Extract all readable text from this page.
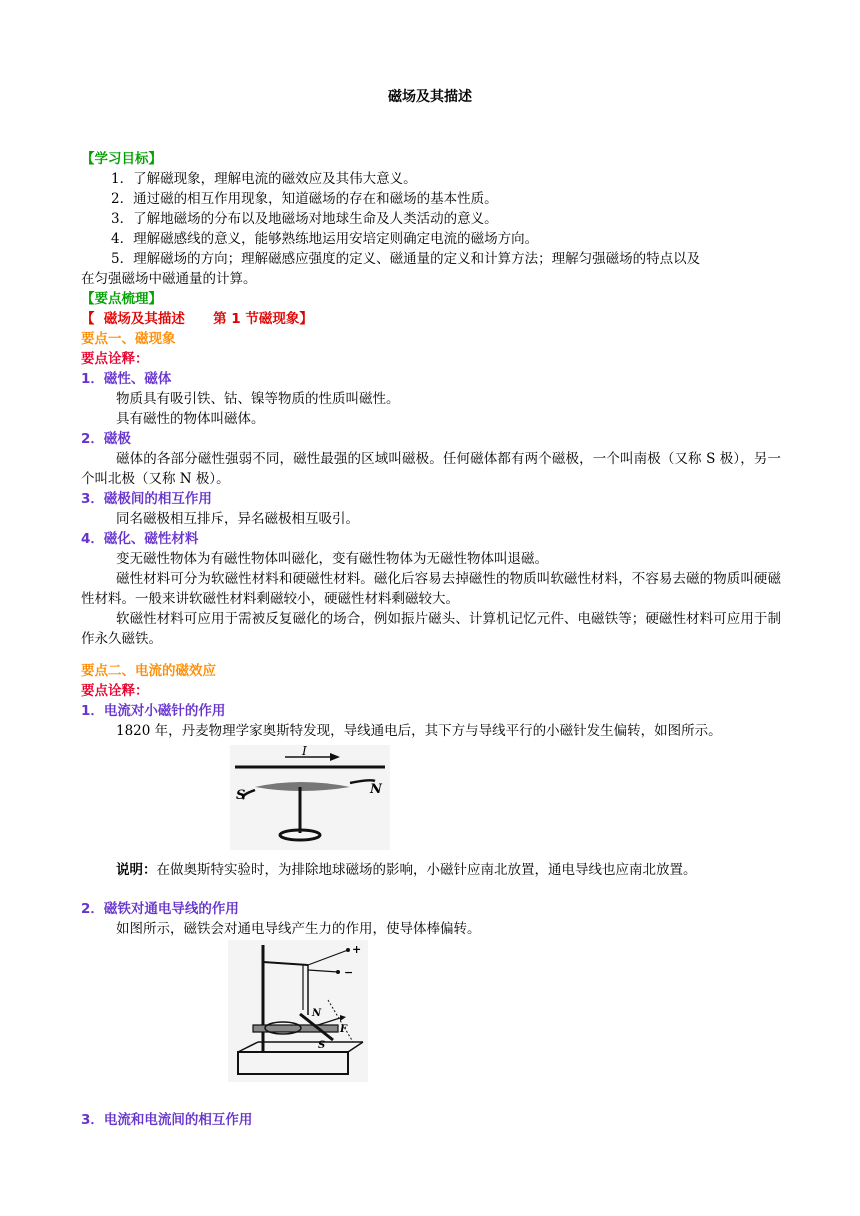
磁场及其描述
【学习目标】
1．了解磁现象，理解电流的磁效应及其伟大意义。
2．通过磁的相互作用现象，知道磁场的存在和磁场的基本性质。
3．了解地磁场的分布以及地磁场对地球生命及人类活动的意义。
4．理解磁感线的意义，能够熟练地运用安培定则确定电流的磁场方向。
5．理解磁场的方向；理解磁感应强度的定义、磁通量的定义和计算方法；理解匀强磁场的特点以及
在匀强磁场中磁通量的计算。
【要点梳理】
【  磁场及其描述      第 1 节磁现象】
要点一、磁现象
要点诠释：
1．磁性、磁体
物质具有吸引铁、钴、镍等物质的性质叫磁性。
具有磁性的物体叫磁体。
2．磁极
磁体的各部分磁性强弱不同，磁性最强的区域叫磁极。任何磁体都有两个磁极，一个叫南极（又称 S 极），另一个叫北极（又称 N 极）。
3．磁极间的相互作用
同名磁极相互排斥，异名磁极相互吸引。
4．磁化、磁性材料
变无磁性物体为有磁性物体叫磁化，变有磁性物体为无磁性物体叫退磁。
磁性材料可分为软磁性材料和硬磁性材料。磁化后容易去掉磁性的物质叫软磁性材料，不容易去磁的物质叫硬磁性材料。一般来讲软磁性材料剩磁较小，硬磁性材料剩磁较大。
软磁性材料可应用于需被反复磁化的场合，例如振片磁头、计算机记忆元件、电磁铁等；硬磁性材料可应用于制作永久磁铁。
要点二、电流的磁效应
要点诠释：
1．电流对小磁针的作用
1820 年，丹麦物理学家奥斯特发现，导线通电后，其下方与导线平行的小磁针发生偏转，如图所示。
I
S	N
说明：在做奥斯特实验时，为排除地球磁场的影响，小磁针应南北放置，通电导线也应南北放置。
2．磁铁对通电导线的作用
如图所示，磁铁会对通电导线产生力的作用，使导体棒偏转。
+
−
N
F
S
3．电流和电流间的相互作用
